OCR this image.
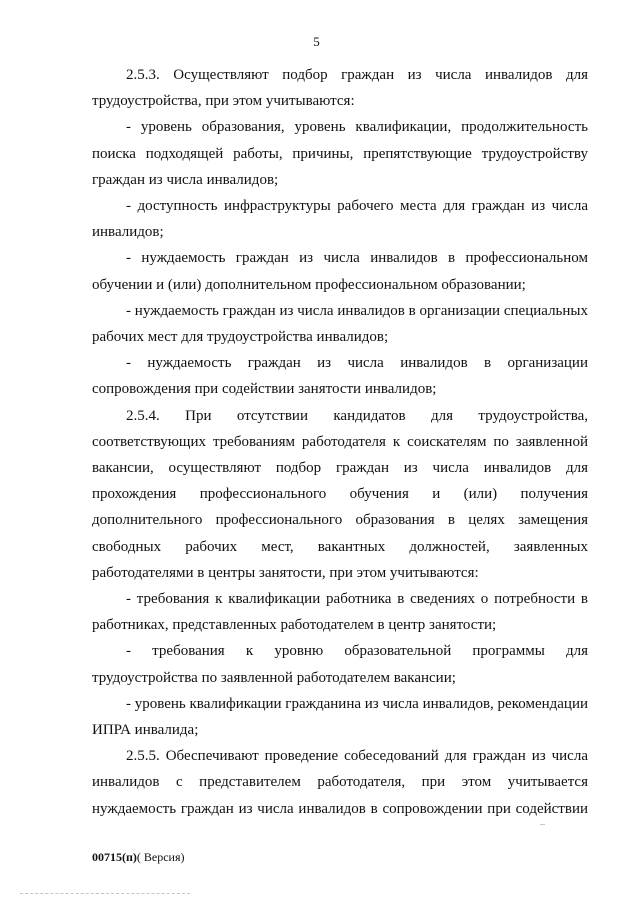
5

2.5.3. Осуществляют подбор граждан из числа инвалидов для трудоустройства, при этом учитываются:

- уровень образования, уровень квалификации, продолжительность поиска подходящей работы, причины, препятствующие трудоустройству граждан из числа инвалидов;

- доступность инфраструктуры рабочего места для граждан из числа инвалидов;

- нуждаемость граждан из числа инвалидов в профессиональном обучении и (или) дополнительном профессиональном образовании;

- нуждаемость граждан из числа инвалидов в организации специальных рабочих мест для трудоустройства инвалидов;

- нуждаемость граждан из числа инвалидов в организации сопровождения при содействии занятости инвалидов;

2.5.4. При отсутствии кандидатов для трудоустройства, соответствующих требованиям работодателя к соискателям по заявленной вакансии, осуществляют подбор граждан из числа инвалидов для прохождения профессионального обучения и (или) получения дополнительного профессионального образования в целях замещения свободных рабочих мест, вакантных должностей, заявленных работодателями в центры занятости, при этом учитываются:

- требования к квалификации работника в сведениях о потребности в работниках, представленных работодателем в центр занятости;

- требования к уровню образовательной программы для трудоустройства по заявленной работодателем вакансии;

- уровень квалификации гражданина из числа инвалидов, рекомендации ИПРА инвалида;

2.5.5. Обеспечивают проведение собеседований для граждан из числа инвалидов с представителем работодателя, при этом учитывается нуждаемость граждан из числа инвалидов в сопровождении при содействии

00715(п)( Версия)
